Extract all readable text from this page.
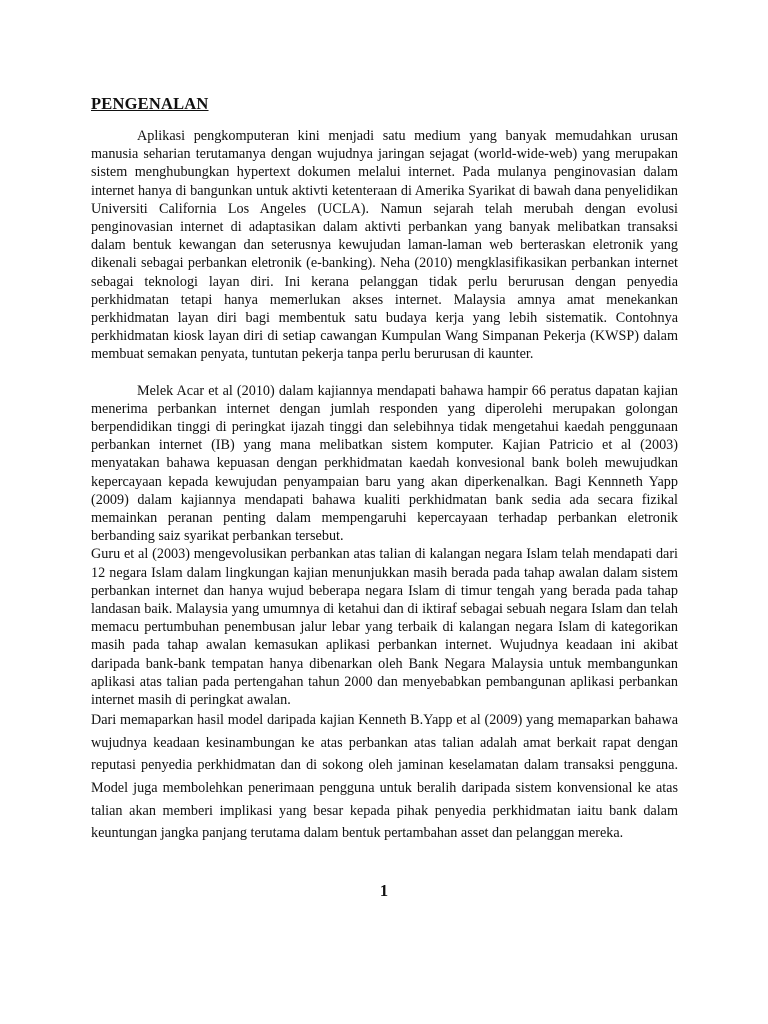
PENGENALAN

Aplikasi pengkomputeran kini menjadi satu medium yang banyak memudahkan urusan manusia seharian terutamanya dengan wujudnya jaringan sejagat (world-wide-web) yang merupakan sistem menghubungkan hypertext dokumen melalui internet. Pada mulanya penginovasian dalam internet hanya di bangunkan untuk aktivti ketenteraan di Amerika Syarikat di bawah dana penyelidikan Universiti California Los Angeles (UCLA). Namun sejarah telah merubah dengan evolusi penginovasian internet di adaptasikan dalam aktivti perbankan yang banyak melibatkan transaksi dalam bentuk kewangan dan seterusnya kewujudan laman-laman web berteraskan eletronik yang dikenali sebagai perbankan eletronik (e-banking). Neha (2010) mengklasifikasikan perbankan internet sebagai teknologi layan diri. Ini kerana pelanggan tidak perlu berurusan dengan penyedia perkhidmatan tetapi hanya memerlukan akses internet. Malaysia amnya amat menekankan perkhidmatan layan diri bagi membentuk satu budaya kerja yang lebih sistematik. Contohnya perkhidmatan kiosk layan diri di setiap cawangan Kumpulan Wang Simpanan Pekerja (KWSP) dalam membuat semakan penyata, tuntutan pekerja tanpa perlu berurusan di kaunter.

Melek Acar et al (2010) dalam kajiannya mendapati bahawa hampir 66 peratus dapatan kajian menerima perbankan internet dengan jumlah responden yang diperolehi merupakan golongan berpendidikan tinggi di peringkat ijazah tinggi dan selebihnya tidak mengetahui kaedah penggunaan perbankan internet (IB) yang mana melibatkan sistem komputer. Kajian Patricio et al (2003) menyatakan bahawa kepuasan dengan perkhidmatan kaedah konvesional bank boleh mewujudkan kepercayaan kepada kewujudan penyampaian baru yang akan diperkenalkan. Bagi Kennneth Yapp (2009) dalam kajiannya mendapati bahawa kualiti perkhidmatan bank sedia ada secara fizikal memainkan peranan penting dalam mempengaruhi kepercayaan terhadap perbankan eletronik berbanding saiz syarikat perbankan tersebut.

Guru et al (2003) mengevolusikan perbankan atas talian di kalangan negara Islam telah mendapati dari 12 negara Islam dalam lingkungan kajian menunjukkan masih berada pada tahap awalan dalam sistem perbankan internet dan hanya wujud beberapa negara Islam di timur tengah yang berada pada tahap landasan baik. Malaysia yang umumnya di ketahui dan di iktiraf sebagai sebuah negara Islam dan telah memacu pertumbuhan penembusan jalur lebar yang terbaik di kalangan negara Islam di kategorikan masih pada tahap awalan kemasukan aplikasi perbankan internet. Wujudnya keadaan ini akibat daripada bank-bank tempatan hanya dibenarkan oleh Bank Negara Malaysia untuk membangunkan aplikasi atas talian pada pertengahan tahun 2000 dan menyebabkan pembangunan aplikasi perbankan internet masih di peringkat awalan.

Dari memaparkan hasil model daripada kajian Kenneth B.Yapp et al (2009) yang memaparkan bahawa wujudnya keadaan kesinambungan ke atas perbankan atas talian adalah amat berkait rapat dengan reputasi penyedia perkhidmatan dan di sokong oleh jaminan keselamatan dalam transaksi pengguna. Model juga membolehkan penerimaan pengguna untuk beralih daripada sistem konvensional ke atas talian akan memberi implikasi yang besar kepada pihak penyedia perkhidmatan iaitu bank dalam keuntungan jangka panjang terutama dalam bentuk pertambahan asset dan pelanggan mereka.

1
